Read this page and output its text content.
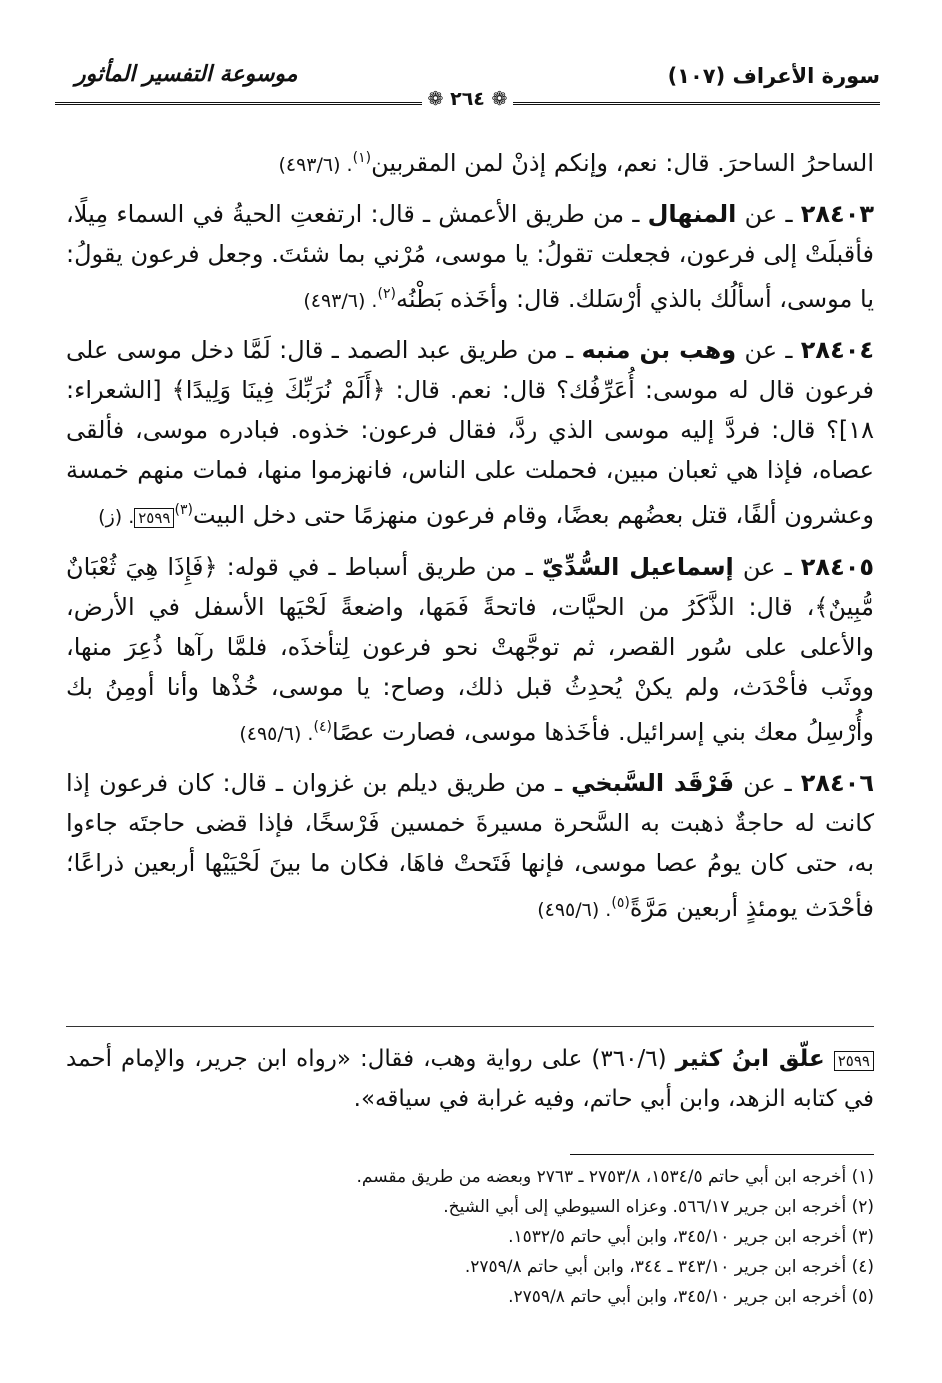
سورة الأعراف (١٠٧)
موسوعة التفسير المأثور
❁ ٢٦٤ ❁

الساحرُ الساحرَ. قال: نعم، وإنكم إذنْ لمن المقربين$^{(١)}$. (٤٩٣/٦)

٢٨٤٠٣ ـ عن المنهال ـ من طريق الأعمش ـ قال: ارتفعتِ الحيةُ في السماء مِيلًا، فأقبلَتْ إلى فرعون، فجعلت تقولُ: يا موسى، مُرْني بما شئتَ. وجعل فرعون يقولُ: يا موسى، أسألُك بالذي أرْسَلك. قال: وأخَذه بَطْنُه$^{(٢)}$. (٤٩٣/٦)

٢٨٤٠٤ ـ عن وهب بن منبه ـ من طريق عبد الصمد ـ قال: لَمَّا دخل موسى على فرعون قال له موسى: أُعَرِّفُك؟ قال: نعم. قال: ﴿أَلَمْ نُرَبِّكَ فِينَا وَلِيدًا﴾ [الشعراء: ١٨]؟ قال: فردَّ إليه موسى الذي ردَّ، فقال فرعون: خذوه. فبادره موسى، فألقى عصاه، فإذا هي ثعبان مبين، فحملت على الناس، فانهزموا منها، فمات منهم خمسة وعشرون ألفًا، قتل بعضُهم بعضًا، وقام فرعون منهزمًا حتى دخل البيت$^{(٣)}$٢٥٩٩. (ز)

٢٨٤٠٥ ـ عن إسماعيل السُّدِّيّ ـ من طريق أسباط ـ في قوله: ﴿فَإِذَا هِيَ ثُعْبَانٌ مُّبِينٌ﴾، قال: الذَّكَرُ من الحيَّات، فاتحةً فَمَها، واضعةً لَحْيَها الأسفل في الأرض، والأعلى على سُور القصر، ثم توجَّهتْ نحو فرعون لِتأخذَه، فلمَّا رآها ذُعِرَ منها، ووثَب فأحْدَث، ولم يكنْ يُحدِثُ قبل ذلك، وصاح: يا موسى، خُذْها وأنا أومِنُ بك وأُرْسِلُ معك بني إسرائيل. فأخَذها موسى، فصارت عصًا$^{(٤)}$. (٤٩٥/٦)

٢٨٤٠٦ ـ عن فَرْقَد السَّبخي ـ من طريق ديلم بن غزوان ـ قال: كان فرعون إذا كانت له حاجةٌ ذهبت به السَّحرة مسيرةَ خمسين فَرْسخًا، فإذا قضى حاجتَه جاءوا به، حتى كان يومُ عصا موسى، فإنها فَتَحتْ فاهَا، فكان ما بينَ لَحْيَيْها أربعين ذراعًا؛ فأحْدَث يومئذٍ أربعين مَرَّةً$^{(٥)}$. (٤٩٥/٦)

٢٥٩٩ علّق ابنُ كثير (٣٦٠/٦) على رواية وهب، فقال: «رواه ابن جرير، والإمام أحمد في كتابه الزهد، وابن أبي حاتم، وفيه غرابة في سياقه».
(١) أخرجه ابن أبي حاتم ١٥٣٤/٥، ٢٧٥٣/٨ ـ ٢٧٦٣ وبعضه من طريق مقسم.
(٢) أخرجه ابن جرير ٥٦٦/١٧. وعزاه السيوطي إلى أبي الشيخ.
(٣) أخرجه ابن جرير ٣٤٥/١٠، وابن أبي حاتم ١٥٣٢/٥.
(٤) أخرجه ابن جرير ٣٤٣/١٠ ـ ٣٤٤، وابن أبي حاتم ٢٧٥٩/٨.
(٥) أخرجه ابن جرير ٣٤٥/١٠، وابن أبي حاتم ٢٧٥٩/٨.
